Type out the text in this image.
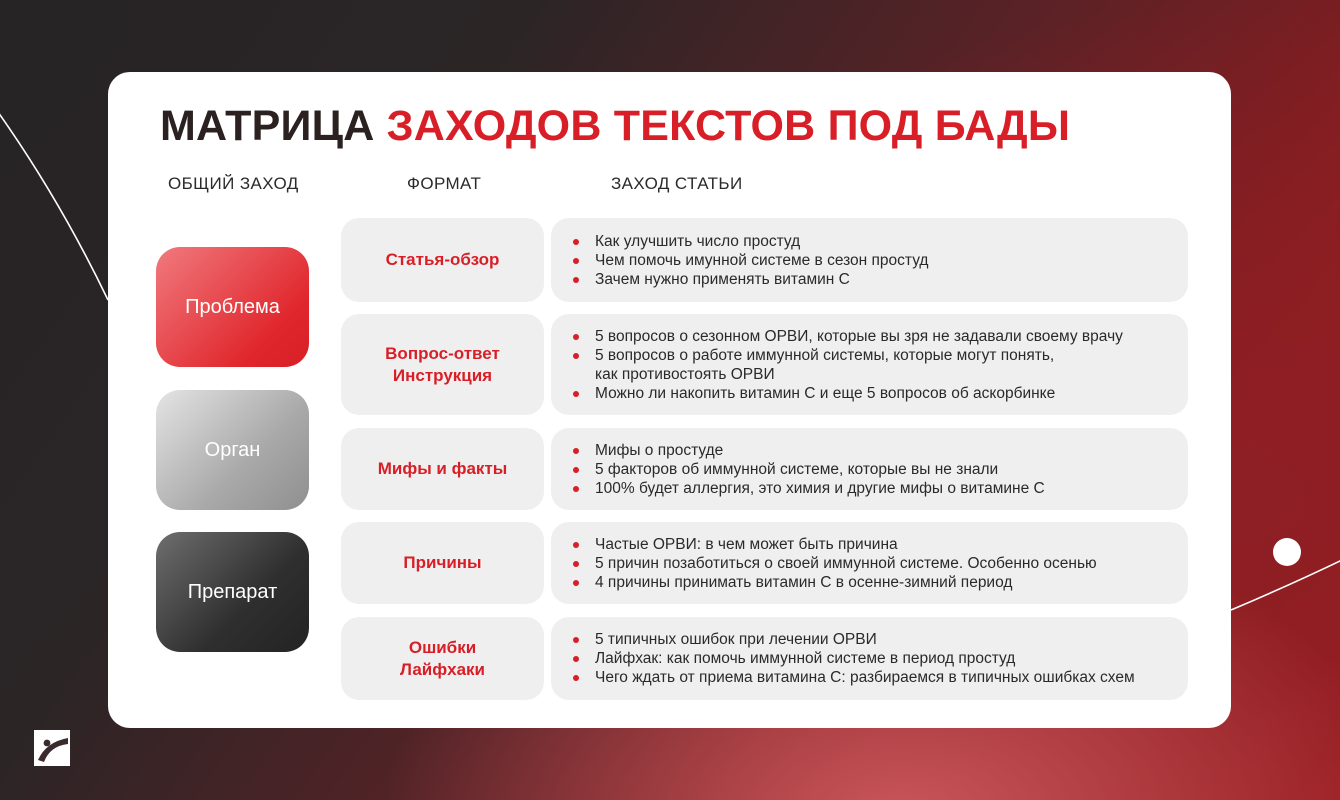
МАТРИЦА ЗАХОДОВ ТЕКСТОВ ПОД БАДЫ
ОБЩИЙ ЗАХОД	ФОРМАТ	ЗАХОД СТАТЬИ
Проблема
Орган
Препарат
Статья-обзор
Как улучшить число простуд
Чем помочь имунной системе в сезон простуд
Зачем нужно применять витамин С
Вопрос-ответ
Инструкция
5 вопросов о сезонном ОРВИ, которые вы зря не задавали своему врачу
5 вопросов о работе иммунной системы, которые могут понять,
как противостоять ОРВИ
Можно ли накопить витамин С и еще 5 вопросов об аскорбинке
Мифы и факты
Мифы о простуде
5 факторов об иммунной системе, которые вы не знали
100% будет аллергия, это химия и другие мифы о витамине С
Причины
Частые ОРВИ: в чем может быть причина
5 причин позаботиться о своей иммунной системе. Особенно осенью
4 причины принимать витамин С в осенне-зимний период
Ошибки
Лайфхаки
5 типичных ошибок при лечении ОРВИ
Лайфхак: как помочь иммунной системе в период простуд
Чего ждать от приема витамина С: разбираемся в типичных ошибках схем
